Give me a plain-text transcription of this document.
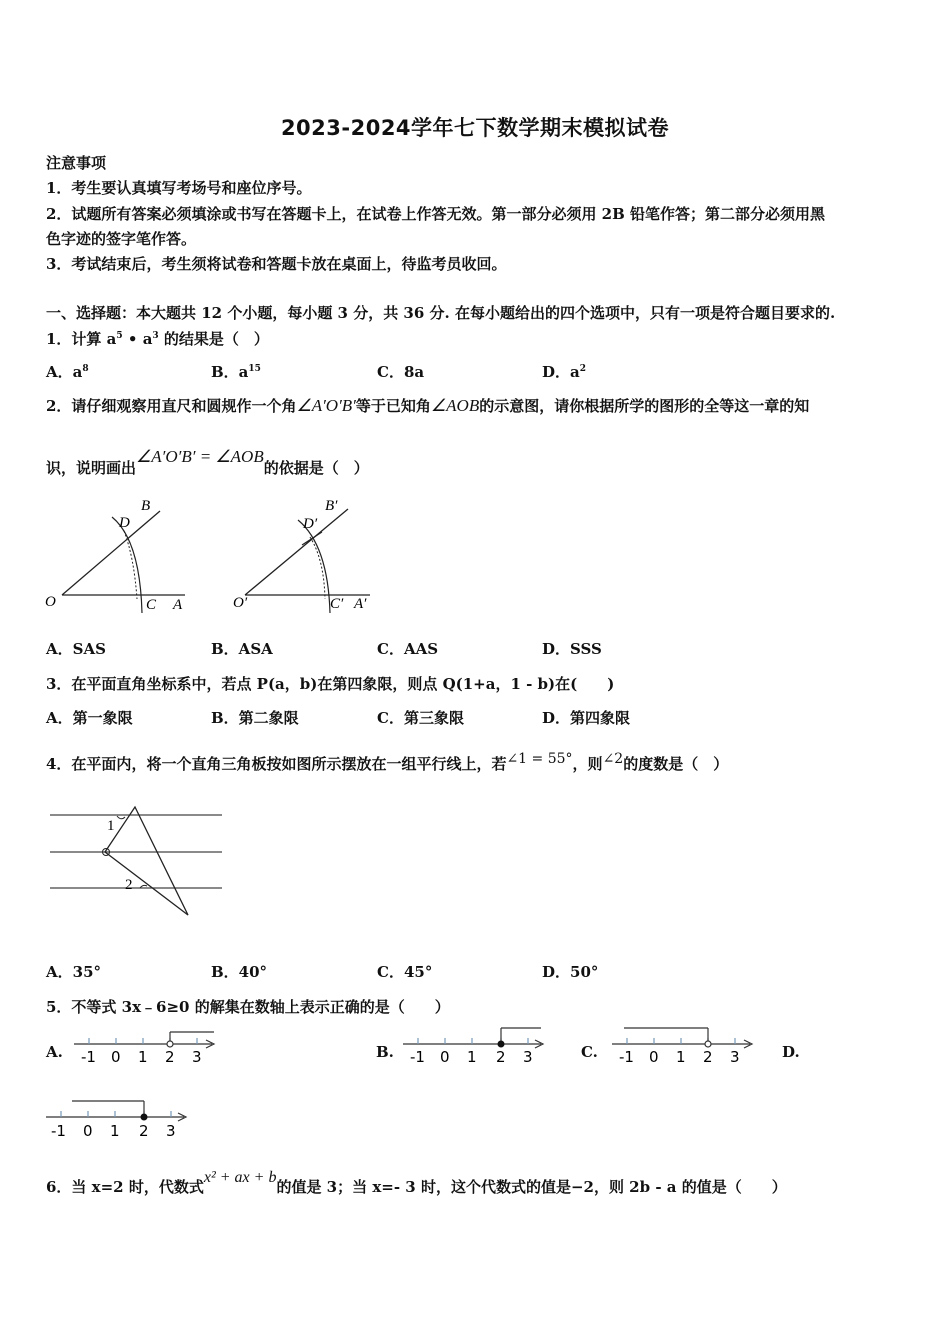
2023-2024学年七下数学期末模拟试卷
注意事项
1．考生要认真填写考场号和座位序号。
2．试题所有答案必须填涂或书写在答题卡上，在试卷上作答无效。第一部分必须用 2B 铅笔作答；第二部分必须用黑
色字迹的签字笔作答。
3．考试结束后，考生须将试卷和答题卡放在桌面上，待监考员收回。
一、选择题：本大题共 12 个小题，每小题 3 分，共 36 分. 在每小题给出的四个选项中，只有一项是符合题目要求的.
1．计算 $a^5$ • $a^3$ 的结果是（　）
A．$a^8$	B．$a^{15}$	C．8a	D．$a^2$
2．请仔细观察用直尺和圆规作一个角∠A′O′B′等于已知角∠AOB的示意图，请你根据所学的图形的全等这一章的知
识，说明画出∠A′O′B′ = ∠AOB的依据是（　）
B
D
O	C A
B′
D′
O′	C′ A′
A．SAS	B．ASA	C．AAS	D．SSS
3．在平面直角坐标系中，若点 P(a，b)在第四象限，则点 Q(1+a，1 - b)在(　　)
A．第一象限	B．第二象限	C．第三象限	D．第四象限
4．在平面内，将一个直角三角板按如图所示摆放在一组平行线上，若∠1 = 55°，则∠2的度数是（　）
1
2
A．35°	B．40°	C．45°	D．50°
5．不等式 3x﹣6≥0 的解集在数轴上表示正确的是（　　）
A.	B.	C.	D.
-1 0 1 2 3	-1 0 1 2 3	-1 0 1 2 3
-1 0 1 2 3
6．当 x=2 时，代数式x² + ax + b的值是 3；当 x=- 3 时，这个代数式的值是−2，则 2b - a 的值是（　　）
